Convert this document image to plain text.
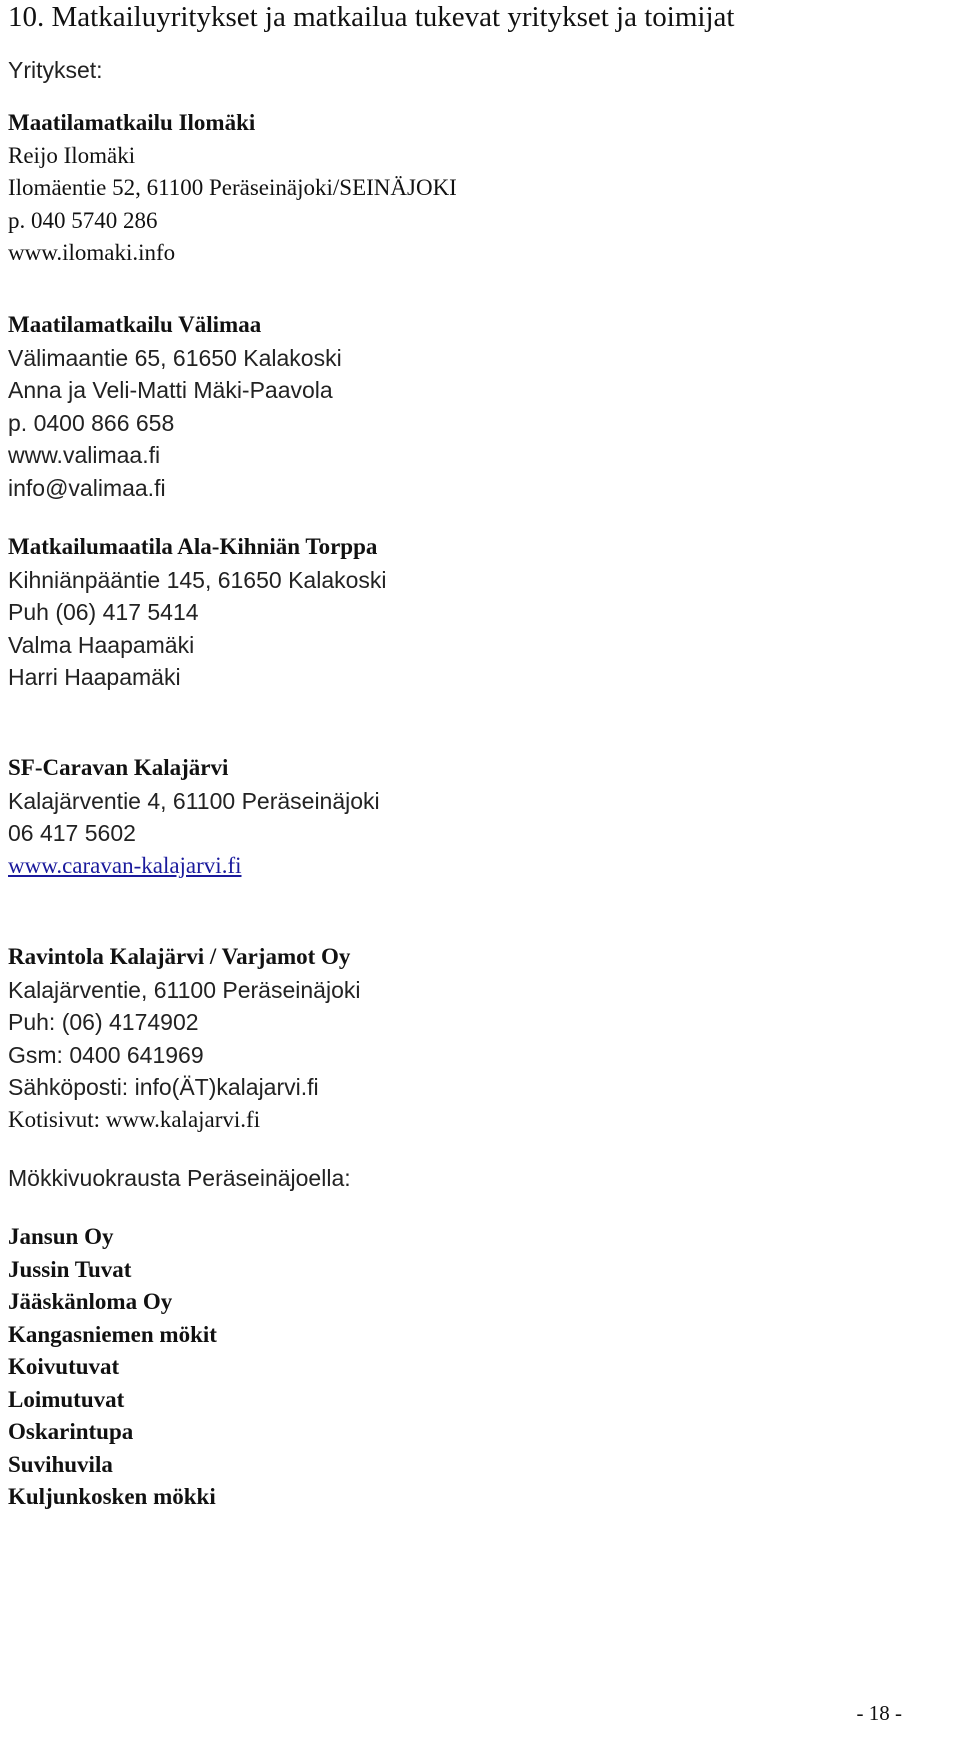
10. Matkailuyritykset ja matkailua tukevat yritykset ja toimijat

Yritykset:

Maatilamatkailu Ilomäki
Reijo Ilomäki
Ilomäentie 52, 61100 Peräseinäjoki/SEINÄJOKI
p. 040 5740 286
www.ilomaki.info
Maatilamatkailu Välimaa
Välimaantie 65, 61650 Kalakoski
Anna ja Veli-Matti Mäki-Paavola
p. 0400 866 658
www.valimaa.fi
info@valimaa.fi
Matkailumaatila Ala-Kihniän Torppa
Kihniänpääntie 145, 61650 Kalakoski
Puh (06) 417 5414
Valma Haapamäki
Harri Haapamäki
SF-Caravan Kalajärvi
Kalajärventie 4, 61100 Peräseinäjoki
06 417 5602
www.caravan-kalajarvi.fi
Ravintola Kalajärvi / Varjamot Oy
Kalajärventie, 61100 Peräseinäjoki
Puh: (06) 4174902
Gsm: 0400 641969
Sähköposti: info(ÄT)kalajarvi.fi
Kotisivut: www.kalajarvi.fi

Mökkivuokrausta Peräseinäjoella:

Jansun Oy
Jussin Tuvat
Jääskänloma Oy
Kangasniemen mökit
Koivutuvat
Loimutuvat
Oskarintupa
Suvihuvila
Kuljunkosken mökki
- 18 -
